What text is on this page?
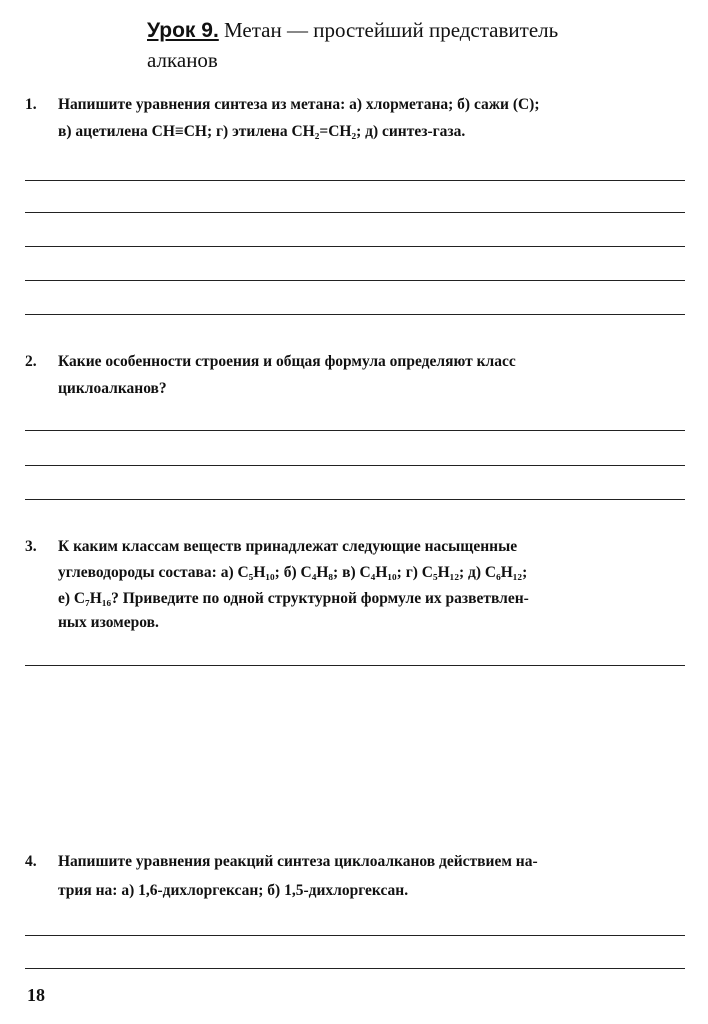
Урок 9. Метан — простейший представитель
алканов
1. Напишите уравнения синтеза из метана: а) хлорметана; б) сажи (С);
в) ацетилена CH≡CH; г) этилена CH₂=CH₂; д) синтез-газа.
2. Какие особенности строения и общая формула определяют класс
циклоалканов?
3. К каким классам веществ принадлежат следующие насыщенные
углеводороды состава: а) C₅H₁₀; б) C₄H₈; в) C₄H₁₀; г) C₅H₁₂; д) C₆H₁₂;
е) C₇H₁₆? Приведите по одной структурной формуле их разветвлен-
ных изомеров.
4. Напишите уравнения реакций синтеза циклоалканов действием на-
трия на: а) 1,6-дихлоргексан; б) 1,5-дихлоргексан.
18
